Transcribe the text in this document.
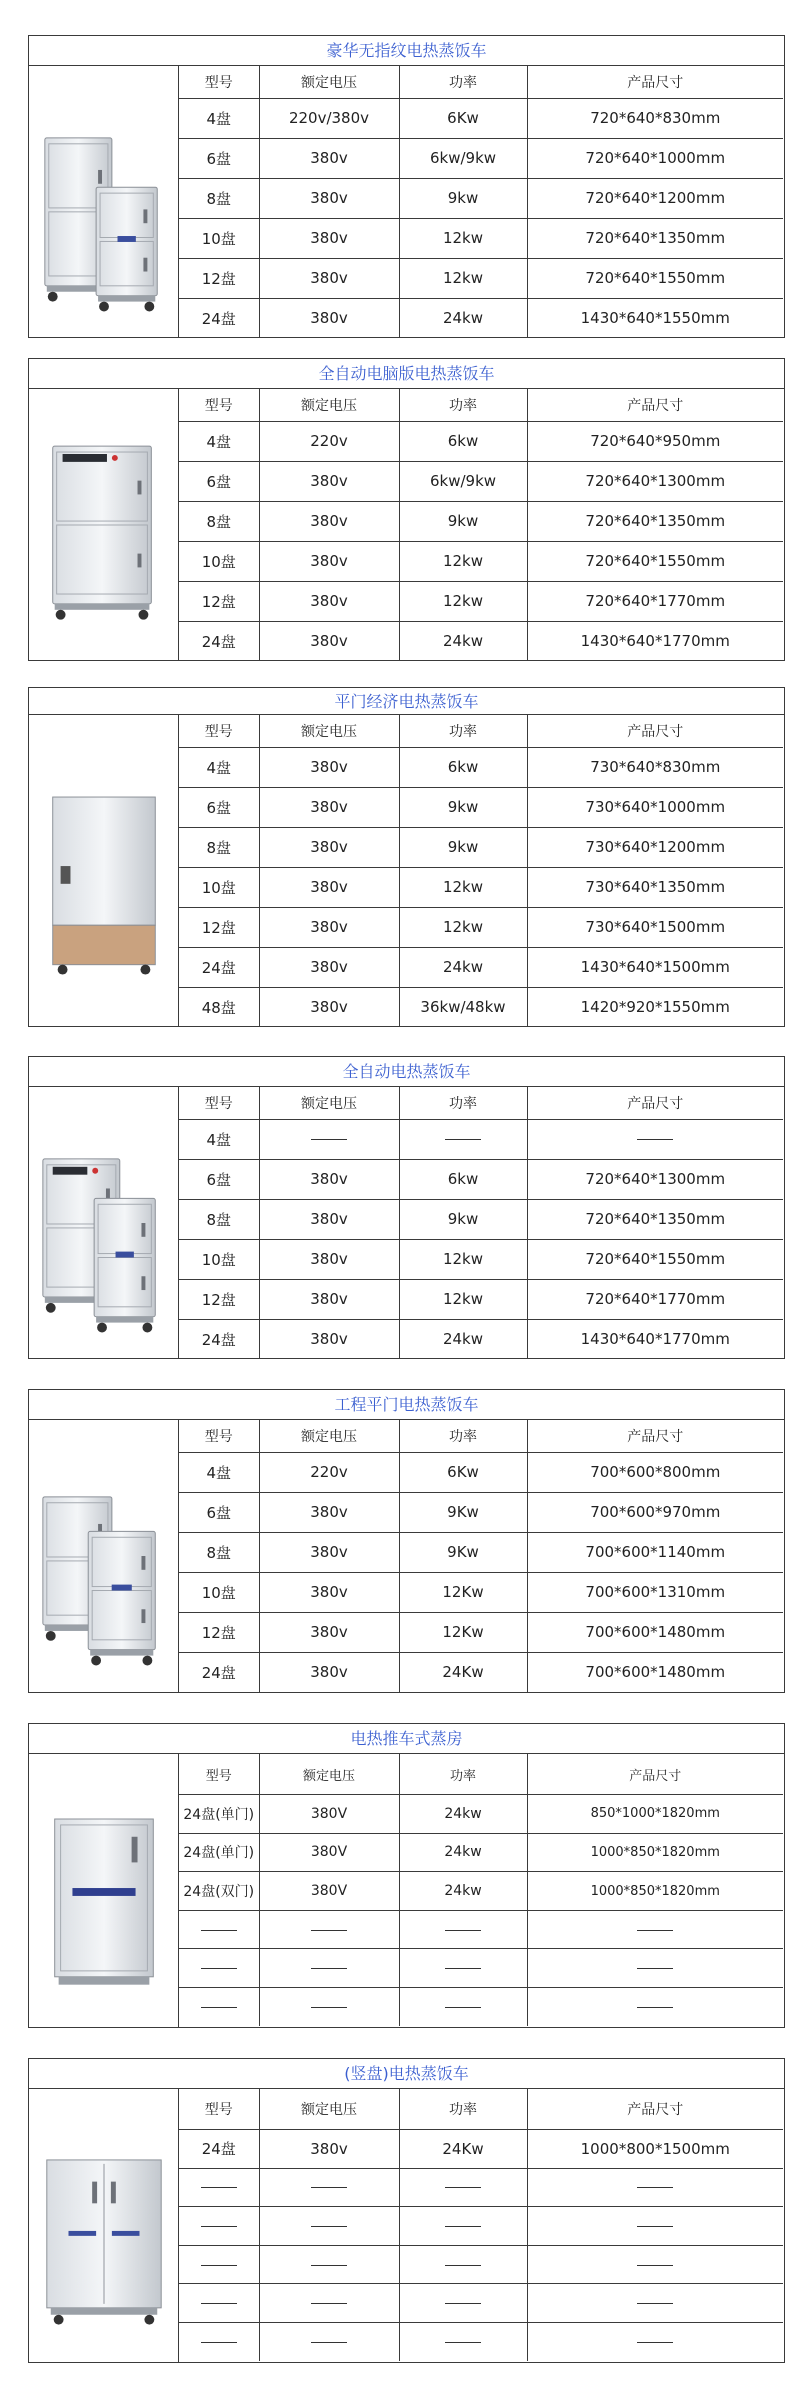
豪华无指纹电热蒸饭车
型号	额定电压	功率	产品尺寸
4盘	220v/380v	6Kw	720*640*830mm
6盘	380v	6kw/9kw	720*640*1000mm
8盘	380v	9kw	720*640*1200mm
10盘	380v	12kw	720*640*1350mm
12盘	380v	12kw	720*640*1550mm
24盘	380v	24kw	1430*640*1550mm
全自动电脑版电热蒸饭车
型号	额定电压	功率	产品尺寸
4盘	220v	6kw	720*640*950mm
6盘	380v	6kw/9kw	720*640*1300mm
8盘	380v	9kw	720*640*1350mm
10盘	380v	12kw	720*640*1550mm
12盘	380v	12kw	720*640*1770mm
24盘	380v	24kw	1430*640*1770mm
平门经济电热蒸饭车
型号	额定电压	功率	产品尺寸
4盘	380v	6kw	730*640*830mm
6盘	380v	9kw	730*640*1000mm
8盘	380v	9kw	730*640*1200mm
10盘	380v	12kw	730*640*1350mm
12盘	380v	12kw	730*640*1500mm
24盘	380v	24kw	1430*640*1500mm
48盘	380v	36kw/48kw	1420*920*1550mm
全自动电热蒸饭车
型号	额定电压	功率	产品尺寸
4盘			
6盘	380v	6kw	720*640*1300mm
8盘	380v	9kw	720*640*1350mm
10盘	380v	12kw	720*640*1550mm
12盘	380v	12kw	720*640*1770mm
24盘	380v	24kw	1430*640*1770mm
工程平门电热蒸饭车
型号	额定电压	功率	产品尺寸
4盘	220v	6Kw	700*600*800mm
6盘	380v	9Kw	700*600*970mm
8盘	380v	9Kw	700*600*1140mm
10盘	380v	12Kw	700*600*1310mm
12盘	380v	12Kw	700*600*1480mm
24盘	380v	24Kw	700*600*1480mm
电热推车式蒸房
型号	额定电压	功率	产品尺寸
24盘(单门)	380V	24kw	850*1000*1820mm
24盘(单门)	380V	24kw	1000*850*1820mm
24盘(双门)	380V	24kw	1000*850*1820mm

(竖盘)电热蒸饭车
型号	额定电压	功率	产品尺寸
24盘	380v	24Kw	1000*800*1500mm
